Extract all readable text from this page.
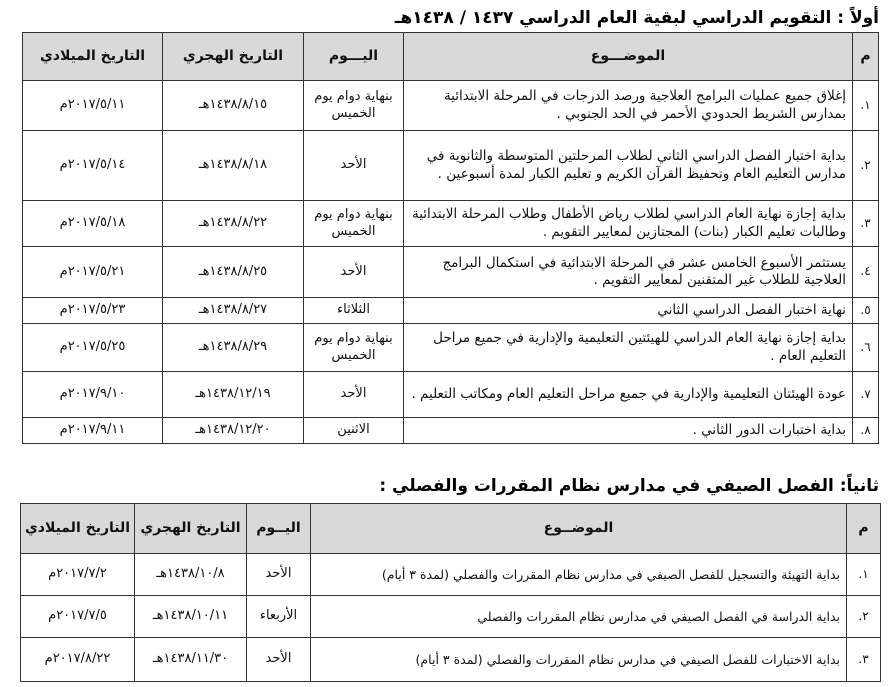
أولاً : التقويم الدراسي لبقية العام الدراسي ١٤٣٧ / ١٤٣٨هـ
م	الموضـــوع	اليـــوم	التاريخ الهجري	التاريخ الميلادي
١.	إغلاق جميع عمليات البرامج العلاجية ورصد الدرجات في المرحلة الابتدائية بمدارس الشريط الحدودي الأحمر في الحد الجنوبي .	بنهاية دوام يوم الخميس	١٤٣٨/٨/١٥هـ	٢٠١٧/٥/١١م
٢.	بداية اختبار الفصل الدراسي الثاني لطلاب المرحلتين المتوسطة والثانوية في مدارس التعليم العام وتحفيظ القرآن الكريم و تعليم الكبار لمدة أسبوعين .	الأحد	١٤٣٨/٨/١٨هـ	٢٠١٧/٥/١٤م
٣.	بداية إجازة نهاية العام الدراسي لطلاب رياض الأطفال وطلاب المرحلة الابتدائية وطالبات تعليم الكبار (بنات) المجتازين لمعايير التقويم .	بنهاية دوام يوم الخميس	١٤٣٨/٨/٢٢هـ	٢٠١٧/٥/١٨م
٤.	يستثمر الأسبوع الخامس عشر في المرحلة الابتدائية في استكمال البرامج العلاجية للطلاب غير المتقنين لمعايير التقويم .	الأحد	١٤٣٨/٨/٢٥هـ	٢٠١٧/٥/٢١م
٥.	نهاية اختبار الفصل الدراسي الثاني	الثلاثاء	١٤٣٨/٨/٢٧هـ	٢٠١٧/٥/٢٣م
٦.	بداية إجازة نهاية العام الدراسي للهيئتين التعليمية والإدارية في جميع مراحل التعليم العام .	بنهاية دوام يوم الخميس	١٤٣٨/٨/٢٩هـ	٢٠١٧/٥/٢٥م
٧.	عودة الهيئتان التعليمية والإدارية في جميع مراحل التعليم العام ومكاتب التعليم .	الأحد	١٤٣٨/١٢/١٩هـ	٢٠١٧/٩/١٠م
٨.	بداية اختبارات الدور الثاني .	الاثنين	١٤٣٨/١٢/٢٠هـ	٢٠١٧/٩/١١م
ثانياً: الفصل الصيفي في مدارس نظام المقررات والفصلي :
م	الموضــوع	اليــوم	التاريخ الهجري	التاريخ الميلادي
١.	بداية التهيئة والتسجيل للفصل الصيفي في مدارس نظام المقررات والفصلي (لمدة ٣ أيام)	الأحد	١٤٣٨/١٠/٨هـ	٢٠١٧/٧/٢م
٢.	بداية الدراسة في الفصل الصيفي في مدارس نظام المقررات والفصلي	الأربعاء	١٤٣٨/١٠/١١هـ	٢٠١٧/٧/٥م
٣.	بداية الاختبارات للفصل الصيفي في مدارس نظام المقررات والفصلي (لمدة ٣ أيام)	الأحد	١٤٣٨/١١/٣٠هـ	٢٠١٧/٨/٢٢م
